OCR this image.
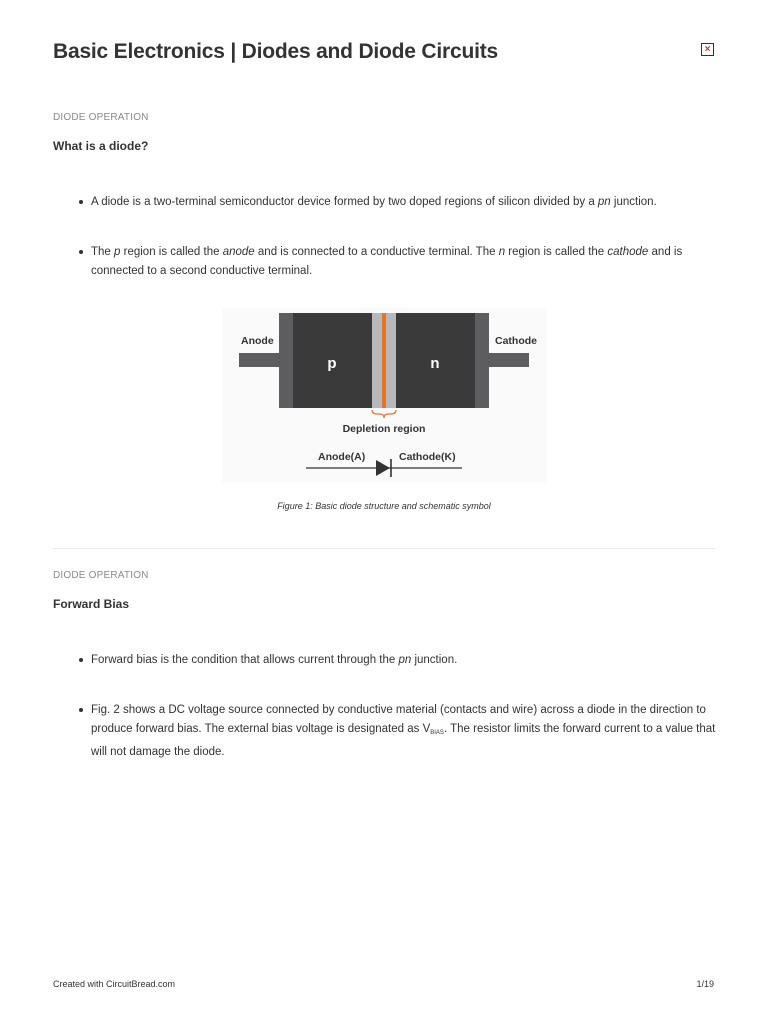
Basic Electronics | Diodes and Diode Circuits	×

DIODE OPERATION

What is a diode?

A diode is a two-terminal semiconductor device formed by two doped regions of silicon divided by a pn junction.
The p region is called the anode and is connected to a conductive terminal. The n region is called the cathode and is connected to a second conductive terminal.
Anode	Cathode
p	n
Depletion region
Anode(A)	Cathode(K)

Figure 1: Basic diode structure and schematic symbol

DIODE OPERATION

Forward Bias

Forward bias is the condition that allows current through the pn junction.
Fig. 2 shows a DC voltage source connected by conductive material (contacts and wire) across a diode in the direction to produce forward bias. The external bias voltage is designated as $V_{BIAS}$. The resistor limits the forward current to a value that will not damage the diode.

Created with CircuitBread.com	1/19
